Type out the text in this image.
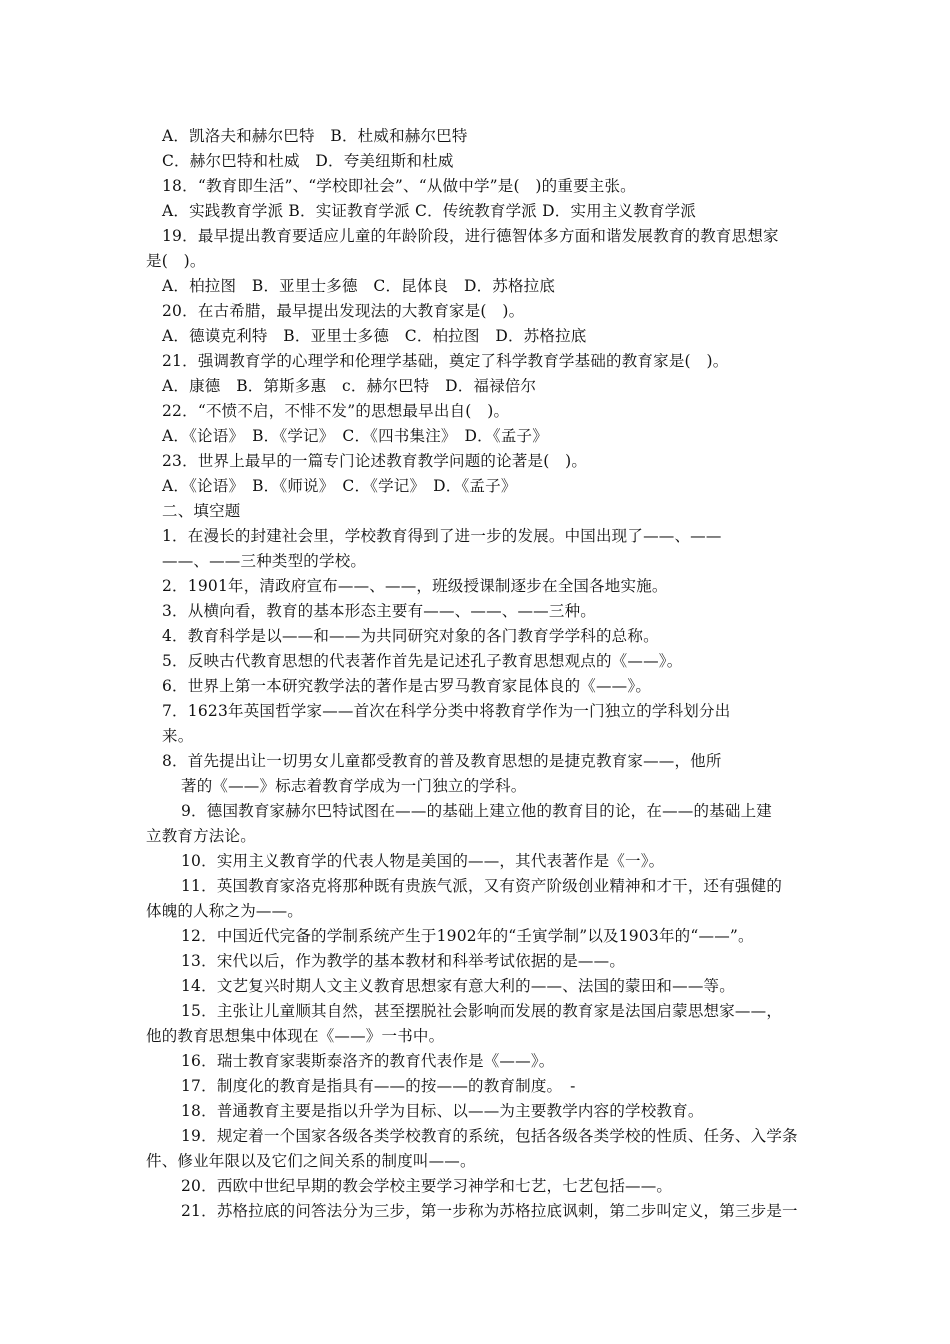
A．凯洛夫和赫尔巴特　B．杜威和赫尔巴特
C．赫尔巴特和杜威　D．夸美纽斯和杜威
18．“教育即生活”、“学校即社会”、“从做中学”是(　)的重要主张。
A．实践教育学派 B．实证教育学派 C．传统教育学派 D．实用主义教育学派
19．最早提出教育要适应儿童的年龄阶段，进行德智体多方面和谐发展教育的教育思想家
是(　)。
A．柏拉图　B．亚里士多德　C．昆体良　D．苏格拉底
20．在古希腊，最早提出发现法的大教育家是(　)。
A．德谟克利特　B．亚里士多德　C．柏拉图　D．苏格拉底
21．强调教育学的心理学和伦理学基础，奠定了科学教育学基础的教育家是(　)。
A．康德　B．第斯多惠　c．赫尔巴特　D．福禄倍尔
22．“不愤不启，不悱不发”的思想最早出自(　)。
A．《论语》　B．《学记》　C．《四书集注》　D．《孟子》
23．世界上最早的一篇专门论述教育教学问题的论著是(　)。
A．《论语》　B．《师说》　C．《学记》　D．《孟子》
二、填空题
1．在漫长的封建社会里，学校教育得到了进一步的发展。中国出现了——、——
——、——三种类型的学校。
2．1901年，清政府宣布——、——，班级授课制逐步在全国各地实施。
3．从横向看，教育的基本形态主要有——、——、——三种。
4．教育科学是以——和——为共同研究对象的各门教育学学科的总称。
5．反映古代教育思想的代表著作首先是记述孔子教育思想观点的《——》。
6．世界上第一本研究教学法的著作是古罗马教育家昆体良的《——》。
7．1623年英国哲学家——首次在科学分类中将教育学作为一门独立的学科划分出
来。
8．首先提出让一切男女儿童都受教育的普及教育思想的是捷克教育家——，他所
著的《——》标志着教育学成为一门独立的学科。
9．德国教育家赫尔巴特试图在——的基础上建立他的教育目的论，在——的基础上建
立教育方法论。
10．实用主义教育学的代表人物是美国的——，其代表著作是《一》。
11．英国教育家洛克将那种既有贵族气派，又有资产阶级创业精神和才干，还有强健的
体魄的人称之为——。
12．中国近代完备的学制系统产生于1902年的“壬寅学制”以及1903年的“——”。
13．宋代以后，作为教学的基本教材和科举考试依据的是——。
14．文艺复兴时期人文主义教育思想家有意大利的——、法国的蒙田和——等。
15．主张让儿童顺其自然，甚至摆脱社会影响而发展的教育家是法国启蒙思想家——，
他的教育思想集中体现在《——》一书中。
16．瑞士教育家裴斯泰洛齐的教育代表作是《——》。
17．制度化的教育是指具有——的按——的教育制度。　-
18．普通教育主要是指以升学为目标、以——为主要教学内容的学校教育。
19．规定着一个国家各级各类学校教育的系统，包括各级各类学校的性质、任务、入学条
件、修业年限以及它们之间关系的制度叫——。
20．西欧中世纪早期的教会学校主要学习神学和七艺，七艺包括——。
21．苏格拉底的问答法分为三步，第一步称为苏格拉底讽刺，第二步叫定义，第三步是一
